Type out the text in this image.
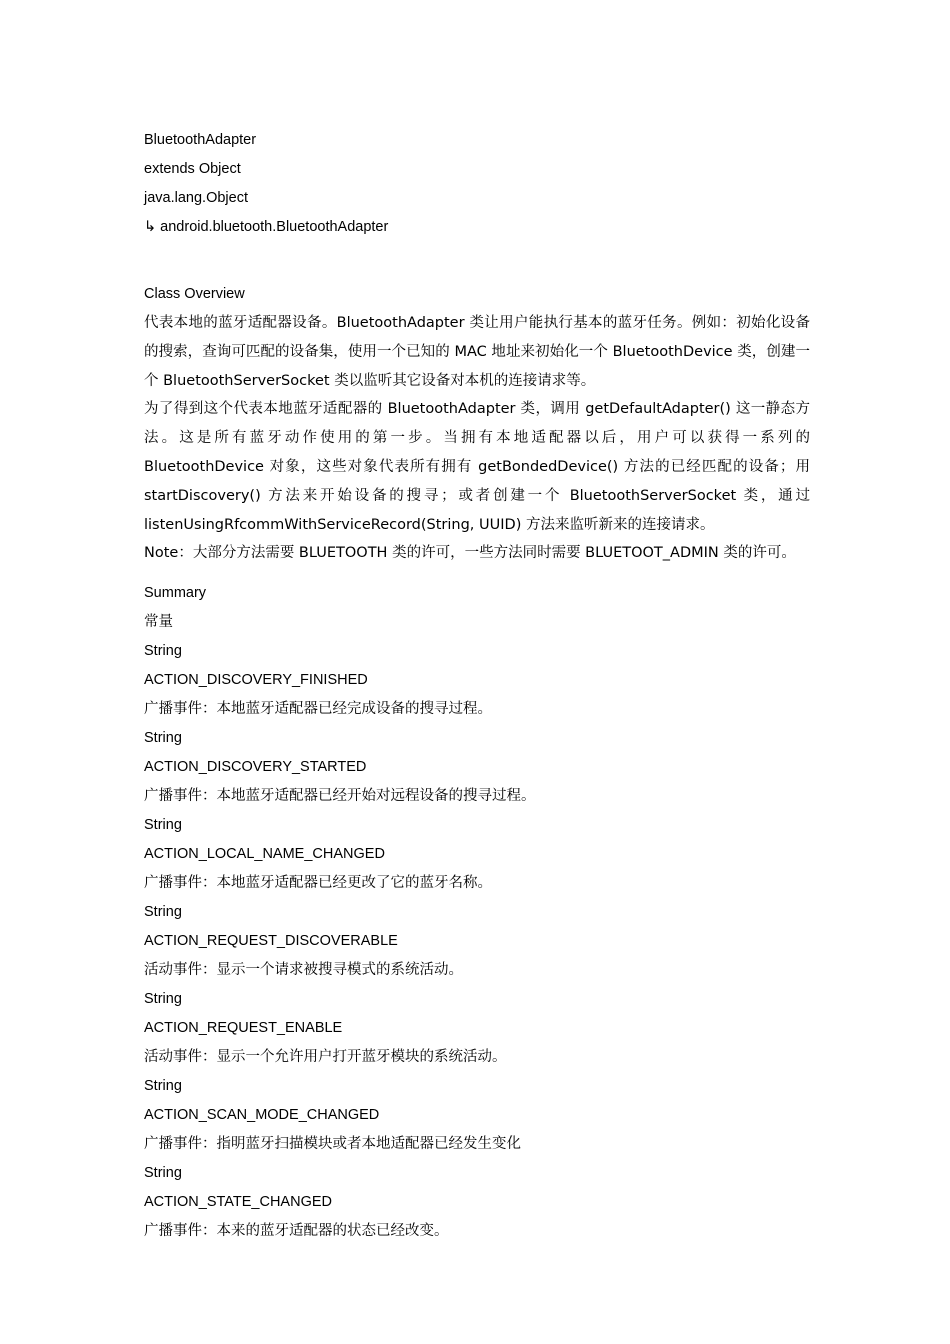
BluetoothAdapter
extends Object
java.lang.Object
↳ android.bluetooth.BluetoothAdapter
Class Overview
代表本地的蓝牙适配器设备。BluetoothAdapter 类让用户能执行基本的蓝牙任务。例如：初始化设备的搜索，查询可匹配的设备集，使用一个已知的 MAC 地址来初始化一个 BluetoothDevice 类，创建一个 BluetoothServerSocket 类以监听其它设备对本机的连接请求等。
为了得到这个代表本地蓝牙适配器的 BluetoothAdapter 类，调用 getDefaultAdapter() 这一静态方法。这是所有蓝牙动作使用的第一步。当拥有本地适配器以后，用户可以获得一系列的 BluetoothDevice 对象，这些对象代表所有拥有 getBondedDevice() 方法的已经匹配的设备；用 startDiscovery() 方法来开始设备的搜寻；或者创建一个 BluetoothServerSocket 类，通过 listenUsingRfcommWithServiceRecord(String, UUID) 方法来监听新来的连接请求。
Note：大部分方法需要 BLUETOOTH 类的许可，一些方法同时需要 BLUETOOT_ADMIN 类的许可。
Summary
常量
String
ACTION_DISCOVERY_FINISHED
广播事件：本地蓝牙适配器已经完成设备的搜寻过程。
String
ACTION_DISCOVERY_STARTED
广播事件：本地蓝牙适配器已经开始对远程设备的搜寻过程。
String
ACTION_LOCAL_NAME_CHANGED
广播事件：本地蓝牙适配器已经更改了它的蓝牙名称。
String
ACTION_REQUEST_DISCOVERABLE
活动事件：显示一个请求被搜寻模式的系统活动。
String
ACTION_REQUEST_ENABLE
活动事件：显示一个允许用户打开蓝牙模块的系统活动。
String
ACTION_SCAN_MODE_CHANGED
广播事件：指明蓝牙扫描模块或者本地适配器已经发生变化
String
ACTION_STATE_CHANGED
广播事件：本来的蓝牙适配器的状态已经改变。
